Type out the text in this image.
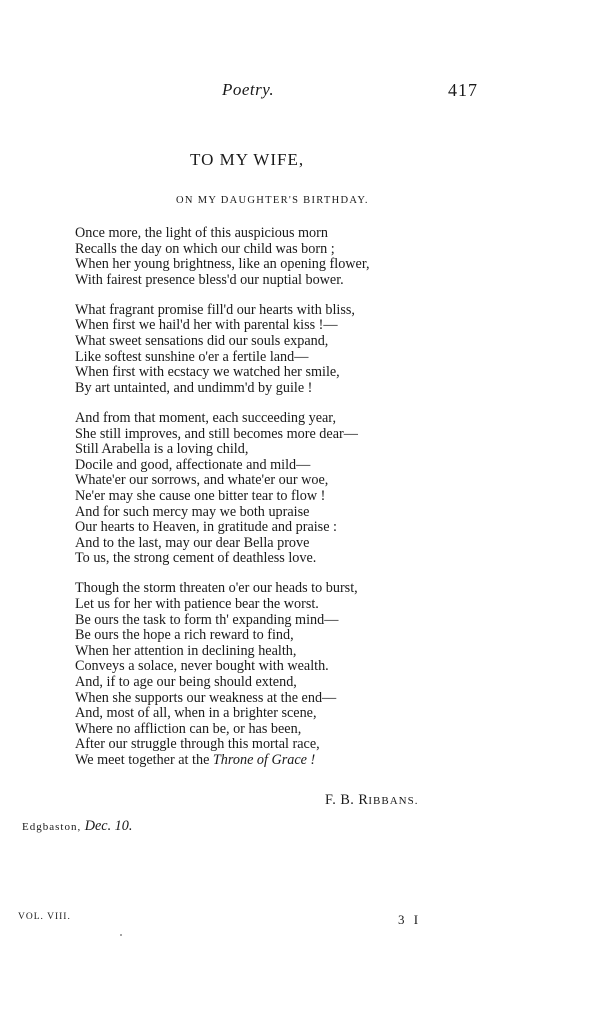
Poetry.	417
TO MY WIFE,
ON MY DAUGHTER'S BIRTHDAY.
Once more, the light of this auspicious morn
Recalls the day on which our child was born ;
When her young brightness, like an opening flower,
With fairest presence bless'd our nuptial bower.
What fragrant promise fill'd our hearts with bliss,
When first we hail'd her with parental kiss !—
What sweet sensations did our souls expand,
Like softest sunshine o'er a fertile land—
When first with ecstacy we watched her smile,
By art untainted, and undimm'd by guile !
And from that moment, each succeeding year,
She still improves, and still becomes more dear—
Still Arabella is a loving child,
Docile and good, affectionate and mild—
Whate'er our sorrows, and whate'er our woe,
Ne'er may she cause one bitter tear to flow !
And for such mercy may we both upraise
Our hearts to Heaven, in gratitude and praise :
And to the last, may our dear Bella prove
To us, the strong cement of deathless love.
Though the storm threaten o'er our heads to burst,
Let us for her with patience bear the worst.
Be ours the task to form th' expanding mind—
Be ours the hope a rich reward to find,
When her attention in declining health,
Conveys a solace, never bought with wealth.
And, if to age our being should extend,
When she supports our weakness at the end—
And, most of all, when in a brighter scene,
Where no affliction can be, or has been,
After our struggle through this mortal race,
We meet together at the Throne of Grace !
F. B. RIBBANS.
Edgbaston, Dec. 10.
VOL. VIII.	3 I
